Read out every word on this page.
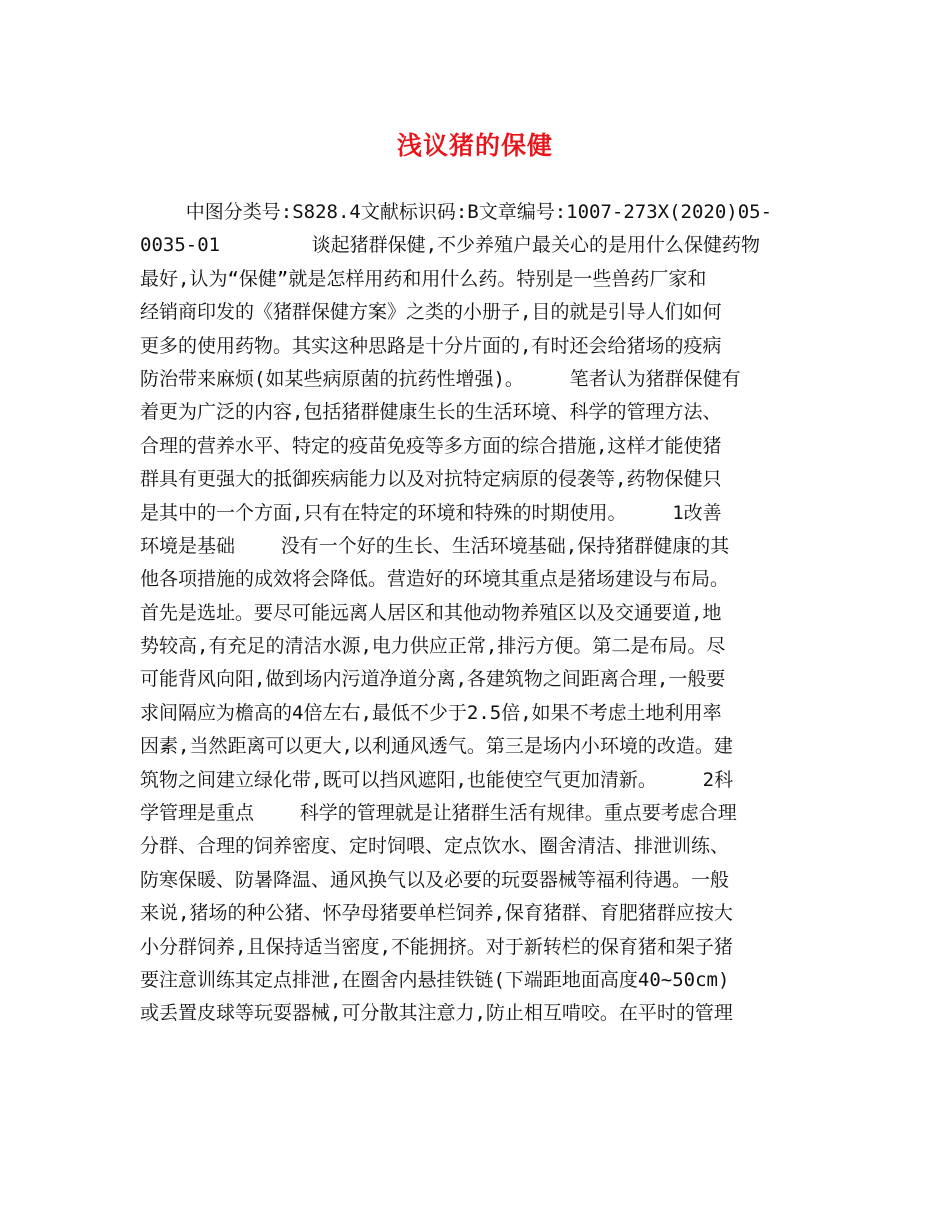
浅议猪的保健
中图分类号:S828.4文献标识码:B文章编号:1007-273X(2020)05-
0035-01        谈起猪群保健,不少养殖户最关心的是用什么保健药物
最好,认为“保健”就是怎样用药和用什么药。特别是一些兽药厂家和
经销商印发的《猪群保健方案》之类的小册子,目的就是引导人们如何
更多的使用药物。其实这种思路是十分片面的,有时还会给猪场的疫病
防治带来麻烦(如某些病原菌的抗药性增强)。    笔者认为猪群保健有
着更为广泛的内容,包括猪群健康生长的生活环境、科学的管理方法、
合理的营养水平、特定的疫苗免疫等多方面的综合措施,这样才能使猪
群具有更强大的抵御疾病能力以及对抗特定病原的侵袭等,药物保健只
是其中的一个方面,只有在特定的环境和特殊的时期使用。    1改善
环境是基础    没有一个好的生长、生活环境基础,保持猪群健康的其
他各项措施的成效将会降低。营造好的环境其重点是猪场建设与布局。
首先是选址。要尽可能远离人居区和其他动物养殖区以及交通要道,地
势较高,有充足的清洁水源,电力供应正常,排污方便。第二是布局。尽
可能背风向阳,做到场内污道净道分离,各建筑物之间距离合理,一般要
求间隔应为檐高的4倍左右,最低不少于2.5倍,如果不考虑土地利用率
因素,当然距离可以更大,以利通风透气。第三是场内小环境的改造。建
筑物之间建立绿化带,既可以挡风遮阳,也能使空气更加清新。    2科
学管理是重点    科学的管理就是让猪群生活有规律。重点要考虑合理
分群、合理的饲养密度、定时饲喂、定点饮水、圈舍清洁、排泄训练、
防寒保暖、防暑降温、通风换气以及必要的玩耍器械等福利待遇。一般
来说,猪场的种公猪、怀孕母猪要单栏饲养,保育猪群、育肥猪群应按大
小分群饲养,且保持适当密度,不能拥挤。对于新转栏的保育猪和架子猪
要注意训练其定点排泄,在圈舍内悬挂铁链(下端距地面高度40~50cm)
或丢置皮球等玩耍器械,可分散其注意力,防止相互啃咬。在平时的管理
